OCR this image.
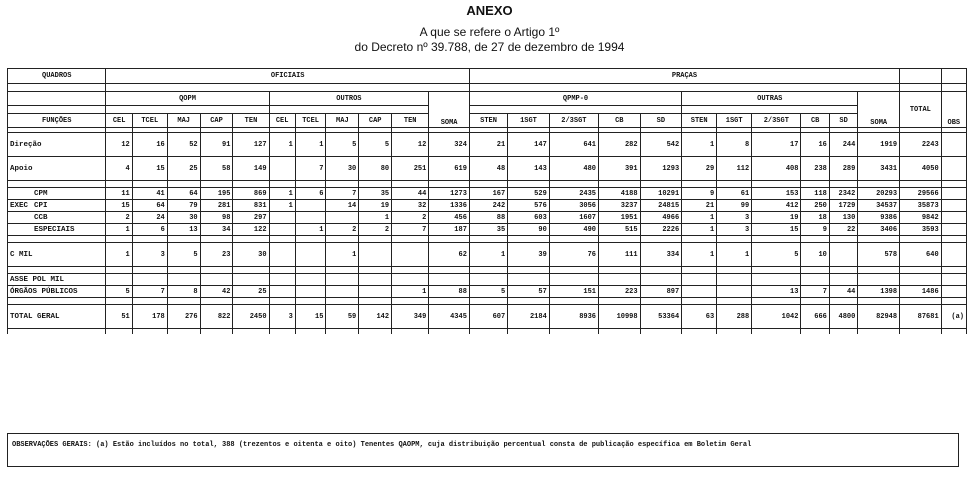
ANEXO
A que se refere o Artigo 1º
do Decreto nº 39.788, de 27 de dezembro de 1994
QUADROS	OFICIAIS											PRAÇAS												

	QOPM					OUTROS					SOMA	QPMP-0					OUTRAS					SOMA	TOTAL	OBS

FUNÇÕES	CEL	TCEL	MAJ	CAP	TEN	CEL	TCEL	MAJ	CAP	TEN		STEN	1SGT	2/3SGT	CB	SD	STEN	1SGT	2/3SGT	CB	SD			

Direção	12	16	52	91	127	1	1	5	5	12	324	21	147	641	282	542	1	8	17	16	244	1919	2243	
Apoio	4	15	25	58	149		7	30	80	251	619	48	143	480	391	1293	29	112	408	238	289	3431	4050	

CPM	11	41	64	195	869	1	6	7	35	44	1273	167	529	2435	4188	10291	9	61	153	118	2342	20293	29566	
EXEC CPI	15	64	79	281	831	1		14	19	32	1336	242	576	3056	3237	24815	21	99	412	250	1729	34537	35873	
CCB	2	24	30	98	297				1	2	456	88	603	1607	1951	4966	1	3	19	18	130	9386	9842	
ESPECIAIS	1	6	13	34	122		1	2	2	7	187	35	90	490	515	2226	1	3	15	9	22	3406	3593	

C MIL	1	3	5	23	30			1			62	1	39	76	111	334	1	1	5	10		578	640	

ASSE POL MIL																								
ÓRGÃOS PÚBLICOS	5	7	8	42	25					1	88	5	57	151	223	897			13	7	44	1398	1486	

TOTAL GERAL	51	178	276	822	2450	3	15	59	142	349	4345	607	2184	8936	10998	53364	63	288	1042	666	4800	82948	87681	(a)

OBSERVAÇÕES GERAIS: (a) Estão incluídos no total, 388 (trezentos e oitenta e oito) Tenentes QAOPM, cuja distribuição percentual consta de publicação específica em Boletim Geral
